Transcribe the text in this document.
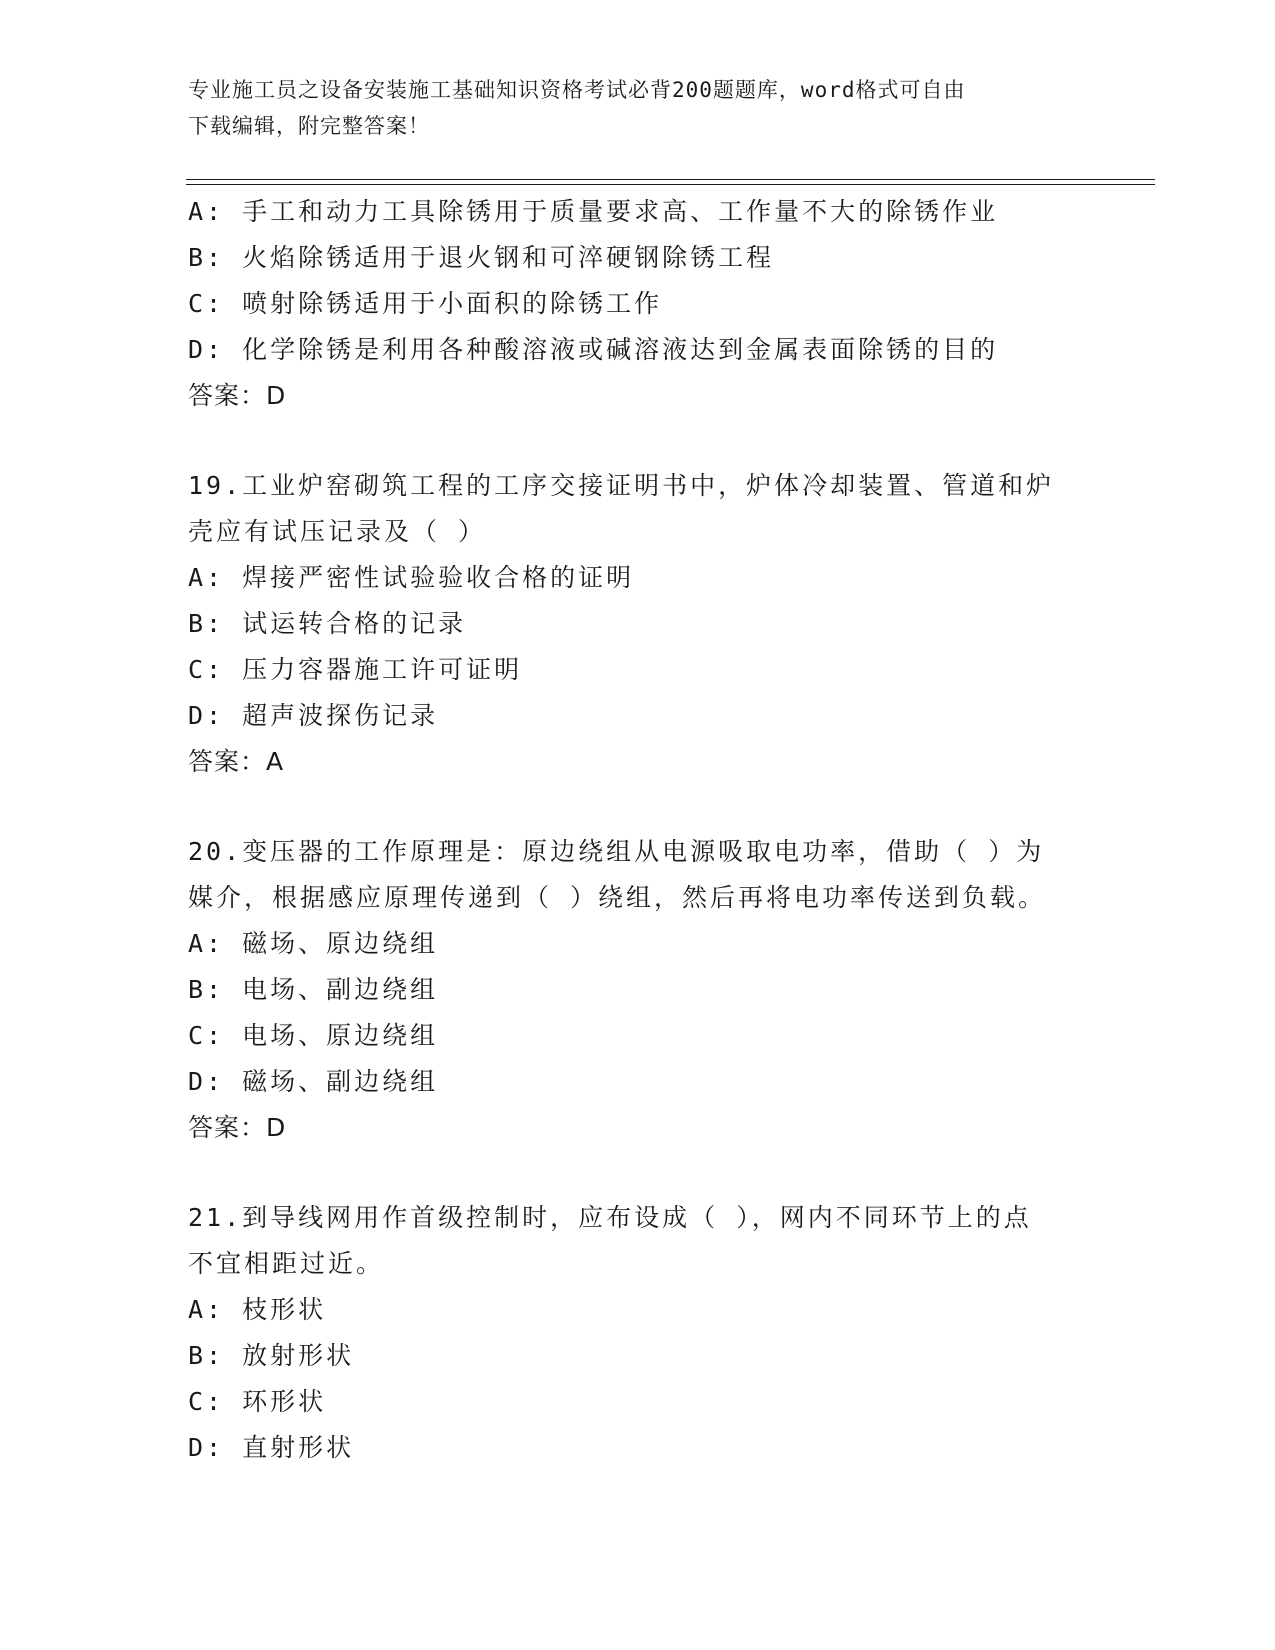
专业施工员之设备安装施工基础知识资格考试必背200题题库，word格式可自由
下载编辑，附完整答案！
A: 手工和动力工具除锈用于质量要求高、工作量不大的除锈作业
B: 火焰除锈适用于退火钢和可淬硬钢除锈工程
C: 喷射除锈适用于小面积的除锈工作
D: 化学除锈是利用各种酸溶液或碱溶液达到金属表面除锈的目的
答案：D
19.工业炉窑砌筑工程的工序交接证明书中，炉体冷却装置、管道和炉
壳应有试压记录及（ ）
A: 焊接严密性试验验收合格的证明
B: 试运转合格的记录
C: 压力容器施工许可证明
D: 超声波探伤记录
答案：A
20.变压器的工作原理是：原边绕组从电源吸取电功率，借助（ ）为
媒介，根据感应原理传递到（ ）绕组，然后再将电功率传送到负载。
A: 磁场、原边绕组
B: 电场、副边绕组
C: 电场、原边绕组
D: 磁场、副边绕组
答案：D
21.到导线网用作首级控制时，应布设成（ ），网内不同环节上的点
不宜相距过近。
A: 枝形状
B: 放射形状
C: 环形状
D: 直射形状
